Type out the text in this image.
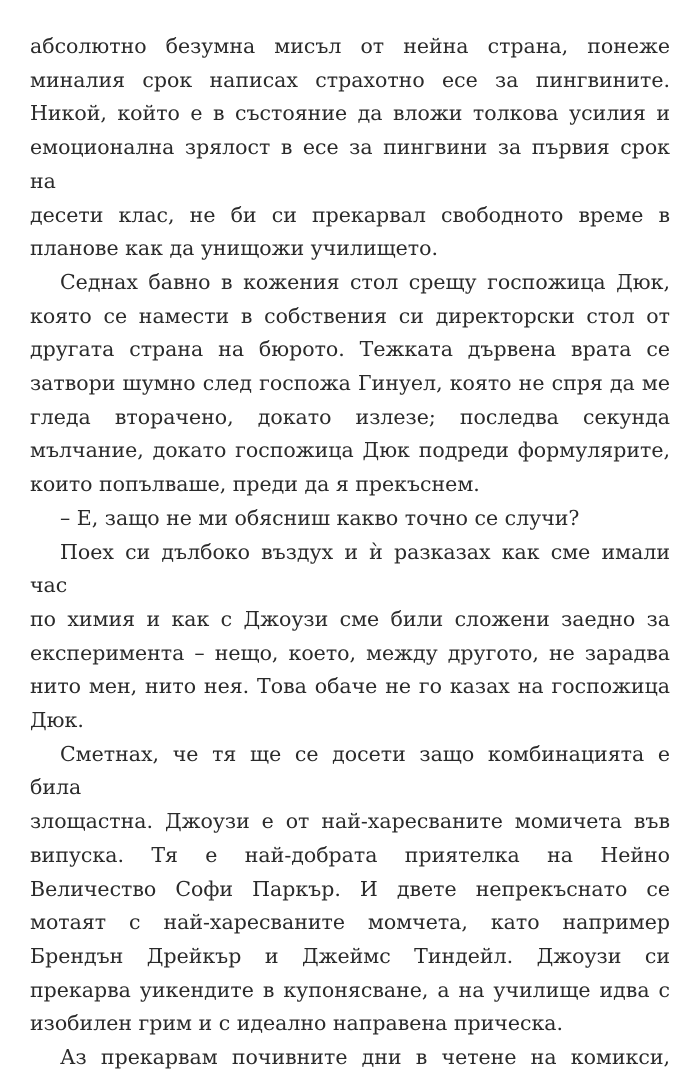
абсолютно безумна мисъл от нейна страна, понеже
миналия срок написах страхотно есе за пингвините.
Никой, който е в състояние да вложи толкова усилия и
емоционална зрялост в есе за пингвини за първия срок на
десети клас, не би си прекарвал свободното време в

планове как да унищожи училището.

Седнах бавно в кожения стол срещу госпожица Дюк,
която се намести в собствения си директорски стол от
другата страна на бюрото. Тежката дървена врата се
затвори шумно след госпожа Гинуел, която не спря да ме
гледа вторачено, докато излезе; последва секунда
мълчание, докато госпожица Дюк подреди формулярите,

които попълваше, преди да я прекъснем.

– Е, защо не ми обясниш какво точно се случи?

Поех си дълбоко въздух и ѝ разказах как сме имали час
по химия и как с Джоузи сме били сложени заедно за
експеримента – нещо, което, между другото, не зарадва
нито мен, нито нея. Това обаче не го казах на госпожица

Дюк.

Сметнах, че тя ще се досети защо комбинацията е била
злощастна. Джоузи е от най-харесваните момичета във
випуска. Тя е най-добрата приятелка на Нейно
Величество Софи Паркър. И двете непрекъснато се
мотаят с най-харесваните момчета, като например
Брендън Дрейкър и Джеймс Тиндейл. Джоузи си
прекарва уикендите в купонясване, а на училище идва с

изобилен грим и с идеално направена прическа.

Аз прекарвам почивните дни в четене на комикси,
